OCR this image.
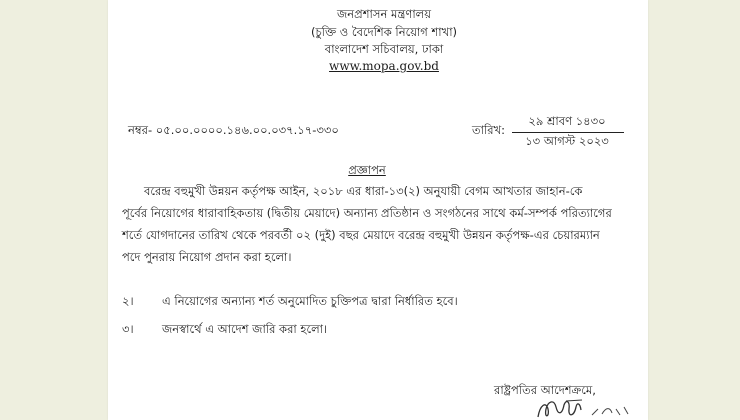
জনপ্রশাসন মন্ত্রণালয়
(চুক্তি ও বৈদেশিক নিয়োগ শাখা)
বাংলাদেশ সচিবালয়, ঢাকা
www.mopa.gov.bd
নম্বর- ০৫.০০.০০০০.১৪৬.০০.০৩৭.১৭-৩৩০	তারিখ:
২৯ শ্রাবণ ১৪৩০
১৩ আগস্ট ২০২৩
প্রজ্ঞাপন
বরেন্দ্র বহুমুখী উন্নয়ন কর্তৃপক্ষ আইন, ২০১৮ এর ধারা-১৩(২) অনুযায়ী বেগম আখতার জাহান-কে
পূর্বের নিয়োগের ধারাবাহিকতায় (দ্বিতীয় মেয়াদে) অন্যান্য প্রতিষ্ঠান ও সংগঠনের সাথে কর্ম-সম্পর্ক পরিত্যাগের
শর্তে যোগদানের তারিখ থেকে পরবর্তী ০২ (দুই) বছর মেয়াদে বরেন্দ্র বহুমুখী উন্নয়ন কর্তৃপক্ষ-এর চেয়ারম্যান
পদে পুনরায় নিয়োগ প্রদান করা হলো।
২। এ নিয়োগের অন্যান্য শর্ত অনুমোদিত চুক্তিপত্র দ্বারা নির্ধারিত হবে।
৩। জনস্বার্থে এ আদেশ জারি করা হলো।
রাষ্ট্রপতির আদেশক্রমে,
